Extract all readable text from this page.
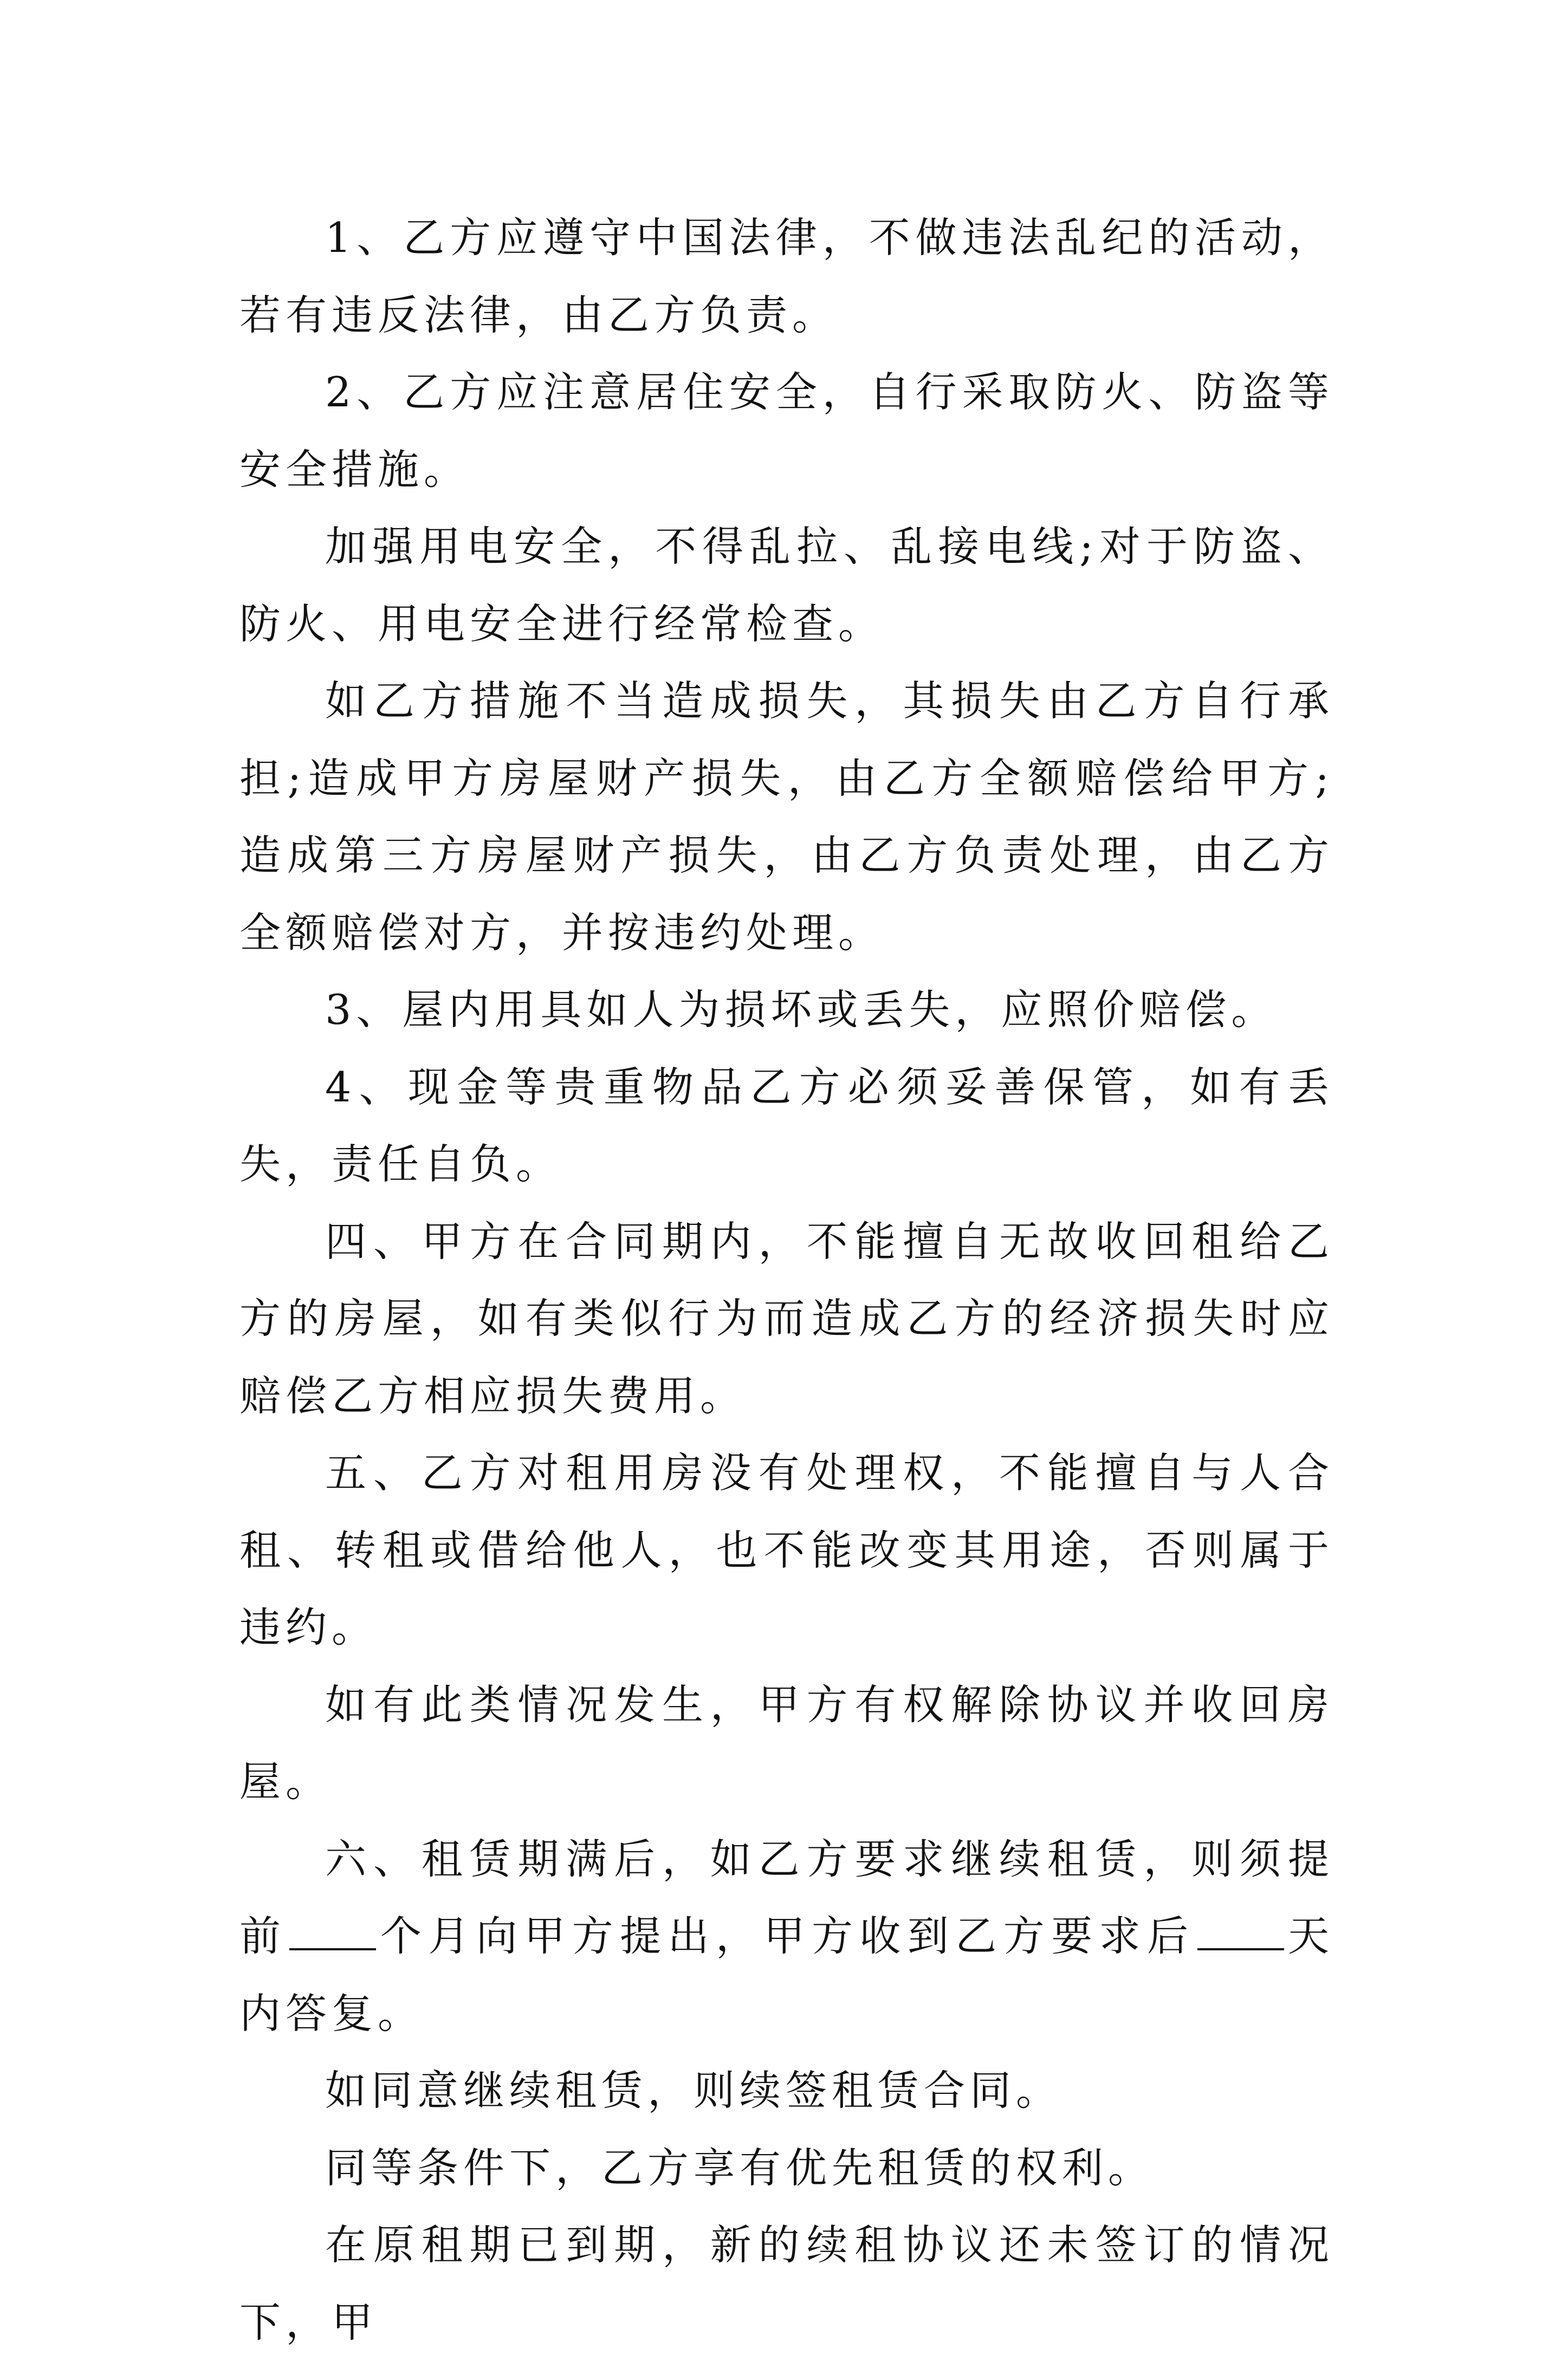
1、乙方应遵守中国法律，不做违法乱纪的活动，若有违反法律，由乙方负责。

2、乙方应注意居住安全，自行采取防火、防盗等安全措施。

加强用电安全，不得乱拉、乱接电线;对于防盗、防火、用电安全进行经常检查。

如乙方措施不当造成损失，其损失由乙方自行承担;造成甲方房屋财产损失，由乙方全额赔偿给甲方;造成第三方房屋财产损失，由乙方负责处理，由乙方全额赔偿对方，并按违约处理。

3、屋内用具如人为损坏或丢失，应照价赔偿。

4、现金等贵重物品乙方必须妥善保管，如有丢失，责任自负。

四、甲方在合同期内，不能擅自无故收回租给乙方的房屋，如有类似行为而造成乙方的经济损失时应赔偿乙方相应损失费用。

五、乙方对租用房没有处理权，不能擅自与人合租、转租或借给他人，也不能改变其用途，否则属于违约。

如有此类情况发生，甲方有权解除协议并收回房屋。

六、租赁期满后，如乙方要求继续租赁，则须提前 个月向甲方提出，甲方收到乙方要求后 天内答复。

如同意继续租赁，则续签租赁合同。

同等条件下，乙方享有优先租赁的权利。

在原租期已到期，新的续租协议还未签订的情况下，甲
